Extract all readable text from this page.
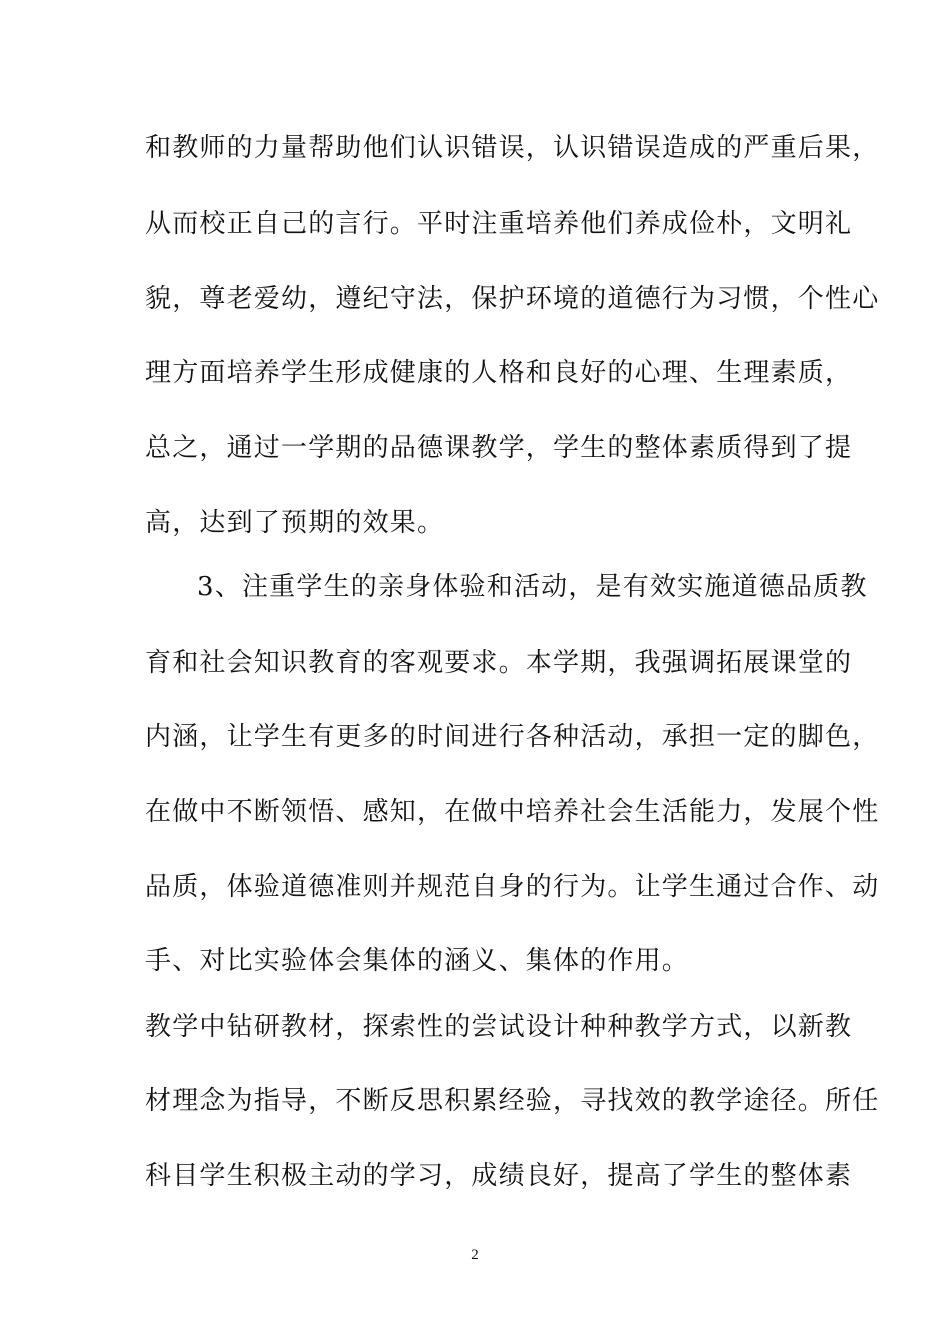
和教师的力量帮助他们认识错误，认识错误造成的严重后果，
从而校正自己的言行。平时注重培养他们养成俭朴，文明礼
貌，尊老爱幼，遵纪守法，保护环境的道德行为习惯，个性心
理方面培养学生形成健康的人格和良好的心理、生理素质，
总之，通过一学期的品德课教学，学生的整体素质得到了提
高，达到了预期的效果。
3、注重学生的亲身体验和活动，是有效实施道德品质教
育和社会知识教育的客观要求。本学期，我强调拓展课堂的
内涵，让学生有更多的时间进行各种活动，承担一定的脚色，
在做中不断领悟、感知，在做中培养社会生活能力，发展个性
品质，体验道德准则并规范自身的行为。让学生通过合作、动
手、对比实验体会集体的涵义、集体的作用。
教学中钻研教材，探索性的尝试设计种种教学方式，以新教
材理念为指导，不断反思积累经验，寻找效的教学途径。所任
科目学生积极主动的学习，成绩良好，提高了学生的整体素
2
